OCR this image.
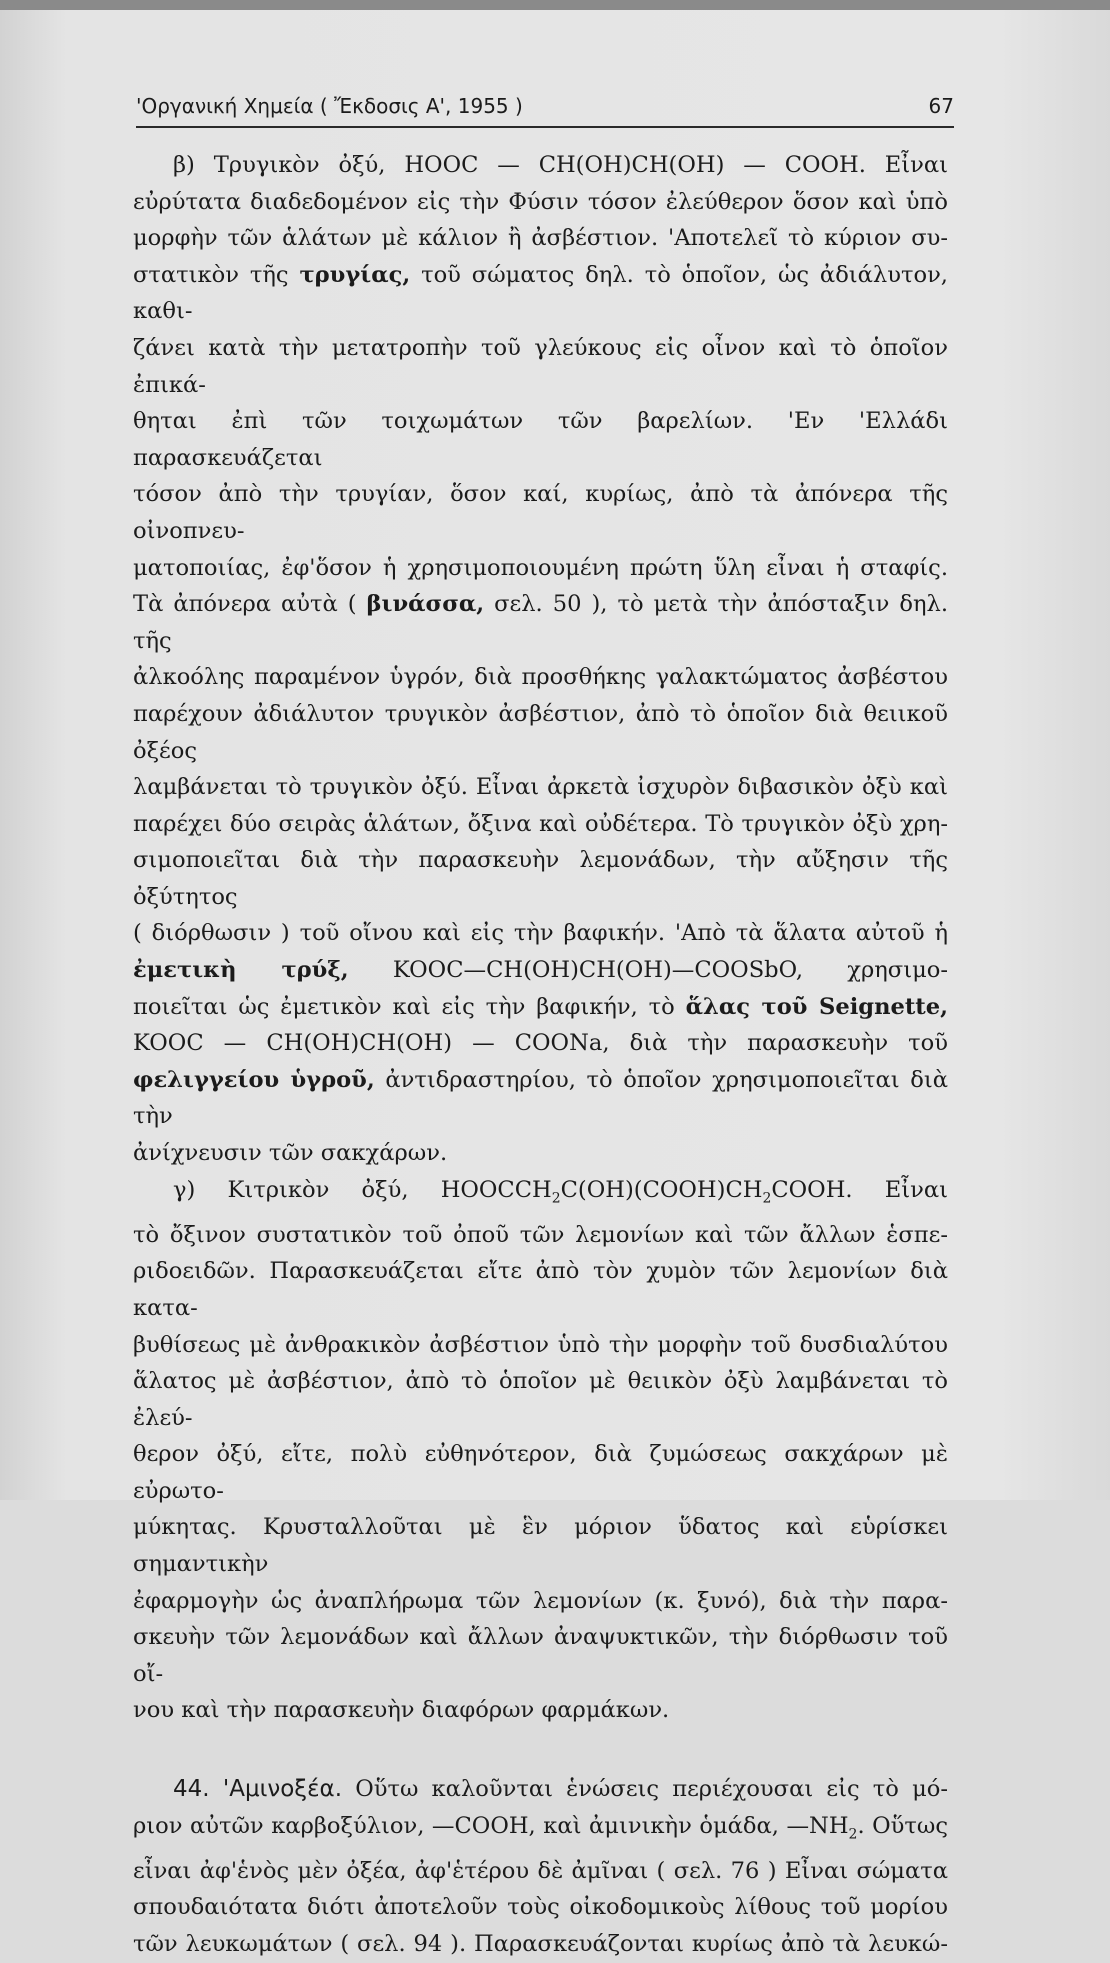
'Οργανική Χημεία ( Ἔκδοσις Α', 1955 )	67

β) Τρυγικὸν ὀξύ, HOOC — CH(OH)CH(OH) — COOH. Εἶναι

εὐρύτατα διαδεδομένον εἰς τὴν Φύσιν τόσον ἐλεύθερον ὅσον καὶ ὑπὸ

μορφὴν τῶν ἁλάτων μὲ κάλιον ἢ ἀσβέστιον. 'Αποτελεῖ τὸ κύριον συ-

στατικὸν τῆς τρυγίας, τοῦ σώματος δηλ. τὸ ὁποῖον, ὡς ἀδιάλυτον, καθι-

ζάνει κατὰ τὴν μετατροπὴν τοῦ γλεύκους εἰς οἶνον καὶ τὸ ὁποῖον ἐπικά-

θηται ἐπὶ τῶν τοιχωμάτων τῶν βαρελίων. 'Εν 'Ελλάδι παρασκευάζεται

τόσον ἀπὸ τὴν τρυγίαν, ὅσον καί, κυρίως, ἀπὸ τὰ ἀπόνερα τῆς οἰνοπνευ-

ματοποιίας, ἐφ'ὅσον ἡ χρησιμοποιουμένη πρώτη ὕλη εἶναι ἡ σταφίς.

Τὰ ἀπόνερα αὐτὰ ( βινάσσα, σελ. 50 ), τὸ μετὰ τὴν ἀπόσταξιν δηλ. τῆς

ἀλκοόλης παραμένον ὑγρόν, διὰ προσθήκης γαλακτώματος ἀσβέστου

παρέχουν ἀδιάλυτον τρυγικὸν ἀσβέστιον, ἀπὸ τὸ ὁποῖον διὰ θειικοῦ ὀξέος

λαμβάνεται τὸ τρυγικὸν ὀξύ. Εἶναι ἀρκετὰ ἰσχυρὸν διβασικὸν ὀξὺ καὶ

παρέχει δύο σειρὰς ἁλάτων, ὄξινα καὶ οὐδέτερα. Τὸ τρυγικὸν ὀξὺ χρη-

σιμοποιεῖται διὰ τὴν παρασκευὴν λεμονάδων, τὴν αὔξησιν τῆς ὀξύτητος

( διόρθωσιν ) τοῦ οἴνου καὶ εἰς τὴν βαφικήν. 'Απὸ τὰ ἅλατα αὐτοῦ ἡ

ἐμετικὴ τρύξ, KOOC—CH(OH)CH(OH)—COOSbO, χρησιμο-

ποιεῖται ὡς ἐμετικὸν καὶ εἰς τὴν βαφικήν, τὸ ἅλας τοῦ Seignette,

KOOC — CH(OH)CH(OH) — COONa, διὰ τὴν παρασκευὴν τοῦ

φελιγγείου ὑγροῦ, ἀντιδραστηρίου, τὸ ὁποῖον χρησιμοποιεῖται διὰ τὴν

ἀνίχνευσιν τῶν σακχάρων.

γ) Κιτρικὸν ὀξύ, $HOOCCH_2C(OH)(COOH)CH_2COOH$. Εἶναι

τὸ ὄξινον συστατικὸν τοῦ ὀποῦ τῶν λεμονίων καὶ τῶν ἄλλων ἑσπε-

ριδοειδῶν. Παρασκευάζεται εἴτε ἀπὸ τὸν χυμὸν τῶν λεμονίων διὰ κατα-

βυθίσεως μὲ ἀνθρακικὸν ἀσβέστιον ὑπὸ τὴν μορφὴν τοῦ δυσδιαλύτου

ἅλατος μὲ ἀσβέστιον, ἀπὸ τὸ ὁποῖον μὲ θειικὸν ὀξὺ λαμβάνεται τὸ ἐλεύ-

θερον ὀξύ, εἴτε, πολὺ εὐθηνότερον, διὰ ζυμώσεως σακχάρων μὲ εὐρωτο-

μύκητας. Κρυσταλλοῦται μὲ ἓν μόριον ὕδατος καὶ εὑρίσκει σημαντικὴν

ἐφαρμογὴν ὡς ἀναπλήρωμα τῶν λεμονίων (κ. ξυνό), διὰ τὴν παρα-

σκευὴν τῶν λεμονάδων καὶ ἄλλων ἀναψυκτικῶν, τὴν διόρθωσιν τοῦ οἴ-

νου καὶ τὴν παρασκευὴν διαφόρων φαρμάκων.

44. 'Αμινοξέα. Οὕτω καλοῦνται ἑνώσεις περιέχουσαι εἰς τὸ μό-

ριον αὐτῶν καρβοξύλιον, —COOH, καὶ ἀμινικὴν ὁμάδα, $—NH_2$. Οὕτως

εἶναι ἀφ'ἑνὸς μὲν ὀξέα, ἀφ'ἑτέρου δὲ ἀμῖναι ( σελ. 76 ) Εἶναι σώματα

σπουδαιότατα διότι ἀποτελοῦν τοὺς οἰκοδομικοὺς λίθους τοῦ μορίου

τῶν λευκωμάτων ( σελ. 94 ). Παρασκευάζονται κυρίως ἀπὸ τὰ λευκώ-
